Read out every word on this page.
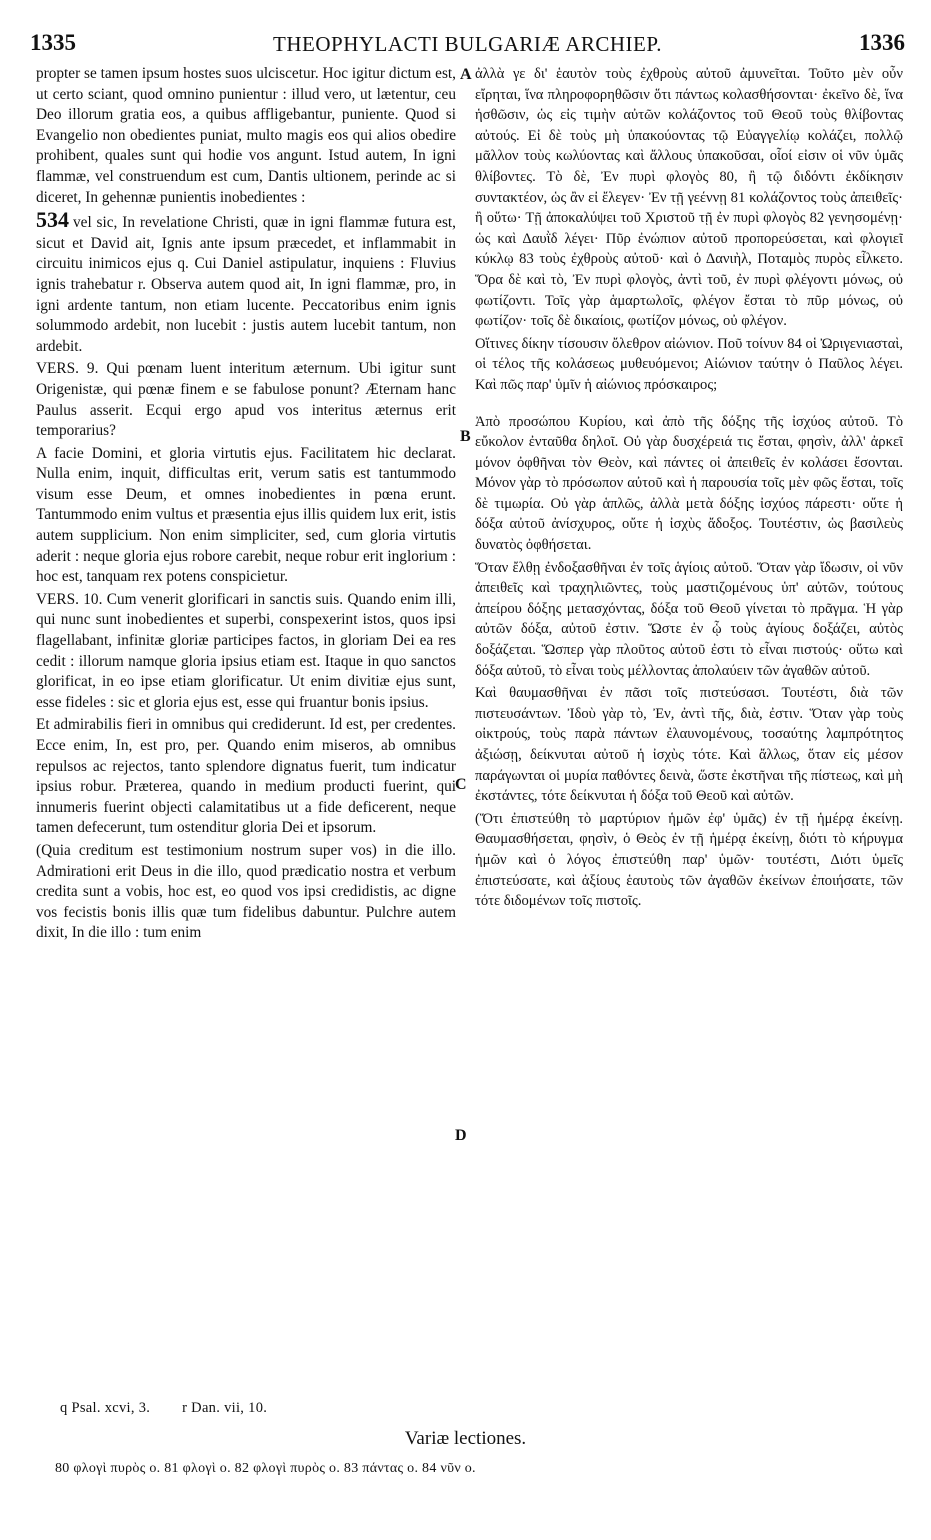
1335	THEOPHYLACTI BULGARIÆ ARCHIEP.	1336

propter se tamen ipsum hostes suos ulciscetur. Hoc igitur dictum est, ut certo sciant, quod omnino punientur : illud vero, ut lætentur, ceu Deo illorum gratia eos, a quibus affligebantur, puniente. Quod si Evangelio non obedientes puniat, multo magis eos qui alios obedire prohibent, quales sunt qui hodie vos angunt. Istud autem, In igni flammæ, vel construendum est cum, Dantis ultionem, perinde ac si diceret, In gehennæ punientis inobedientes :

534 vel sic, In revelatione Christi, quæ in igni flammæ futura est, sicut et David ait, Ignis ante ipsum præcedet, et inflammabit in circuitu inimicos ejus q. Cui Daniel astipulatur, inquiens : Fluvius ignis trahebatur r. Observa autem quod ait, In igni flammæ, pro, in igni ardente tantum, non etiam lucente. Peccatoribus enim ignis solummodo ardebit, non lucebit : justis autem lucebit tantum, non ardebit.

VERS. 9. Qui pœnam luent interitum æternum. Ubi igitur sunt Origenistæ, qui pœnæ finem e se fabulose ponunt? Æternam hanc Paulus asserit. Ecqui ergo apud vos interitus æternus erit temporarius?

A facie Domini, et gloria virtutis ejus. Facilitatem hic declarat. Nulla enim, inquit, difficultas erit, verum satis est tantummodo visum esse Deum, et omnes inobedientes in pœna erunt. Tantummodo enim vultus et præsentia ejus illis quidem lux erit, istis autem supplicium. Non enim simpliciter, sed, cum gloria virtutis aderit : neque gloria ejus robore carebit, neque robur erit inglorium : hoc est, tanquam rex potens conspicietur.

VERS. 10. Cum venerit glorificari in sanctis suis. Quando enim illi, qui nunc sunt inobedientes et superbi, conspexerint istos, quos ipsi flagellabant, infinitæ gloriæ participes factos, in gloriam Dei ea res cedit : illorum namque gloria ipsius etiam est. Itaque in quo sanctos glorificat, in eo ipse etiam glorificatur. Ut enim divitiæ ejus sunt, esse fideles : sic et gloria ejus est, esse qui fruantur bonis ipsius.

Et admirabilis fieri in omnibus qui crediderunt. Id est, per credentes. Ecce enim, In, est pro, per. Quando enim miseros, ab omnibus repulsos ac rejectos, tanto splendore dignatus fuerit, tum indicatur ipsius robur. Præterea, quando in medium producti fuerint, qui innumeris fuerint objecti calamitatibus ut a fide deficerent, neque tamen defecerunt, tum ostenditur gloria Dei et ipsorum.

(Quia creditum est testimonium nostrum super vos) in die illo. Admirationi erit Deus in die illo, quod prædicatio nostra et verbum credita sunt a vobis, hoc est, eo quod vos ipsi credidistis, ac digne vos fecistis bonis illis quæ tum fidelibus dabuntur. Pulchre autem dixit, In die illo : tum enim

A
B
C
D

ἀλλὰ γε δι' ἑαυτὸν τοὺς ἐχθροὺς αὐτοῦ ἀμυνεῖται. Τοῦτο μὲν οὖν εἴρηται, ἵνα πληροφορηθῶσιν ὅτι πάντως κολασθήσονται· ἐκεῖνο δὲ, ἵνα ἡσθῶσιν, ὡς εἰς τιμὴν αὐτῶν κολάζοντος τοῦ Θεοῦ τοὺς θλίβοντας αὐτούς. Εἰ δὲ τοὺς μὴ ὑπακούοντας τῷ Εὐαγγελίῳ κολάζει, πολλῷ μᾶλλον τοὺς κωλύοντας καὶ ἄλλους ὑπακοῦσαι, οἷοί εἰσιν οἱ νῦν ὑμᾶς θλίβοντες. Τὸ δὲ, Ἐν πυρὶ φλογὸς 80, ἢ τῷ διδόντι ἐκδίκησιν συντακτέον, ὡς ἂν εἰ ἔλεγεν· Ἐν τῇ γεέννῃ 81 κολάζοντος τοὺς ἀπειθεῖς· ἢ οὕτω· Τῇ ἀποκαλύψει τοῦ Χριστοῦ τῇ ἐν πυρὶ φλογὸς 82 γενησομένῃ· ὡς καὶ Δαυῒδ λέγει· Πῦρ ἐνώπιον αὐτοῦ προπορεύσεται, καὶ φλογιεῖ κύκλῳ 83 τοὺς ἐχθροὺς αὐτοῦ· καὶ ὁ Δανιὴλ, Ποταμὸς πυρὸς εἷλκετο. Ὅρα δὲ καὶ τὸ, Ἐν πυρὶ φλογὸς, ἀντὶ τοῦ, ἐν πυρὶ φλέγοντι μόνως, οὐ φωτίζοντι. Τοῖς γὰρ ἁμαρτωλοῖς, φλέγον ἔσται τὸ πῦρ μόνως, οὐ φωτίζον· τοῖς δὲ δικαίοις, φωτίζον μόνως, οὐ φλέγον.

Οἵτινες δίκην τίσουσιν ὄλεθρον αἰώνιον. Ποῦ τοίνυν 84 οἱ Ὠριγενιασταὶ, οἱ τέλος τῆς κολάσεως μυθευόμενοι; Αἰώνιον ταύτην ὁ Παῦλος λέγει. Καὶ πῶς παρ' ὑμῖν ἡ αἰώνιος πρόσκαιρος;

Ἀπὸ προσώπου Κυρίου, καὶ ἀπὸ τῆς δόξης τῆς ἰσχύος αὐτοῦ. Τὸ εὔκολον ἐνταῦθα δηλοῖ. Οὐ γὰρ δυσχέρειά τις ἔσται, φησὶν, ἀλλ' ἀρκεῖ μόνον ὀφθῆναι τὸν Θεὸν, καὶ πάντες οἱ ἀπειθεῖς ἐν κολάσει ἔσονται. Μόνον γὰρ τὸ πρόσωπον αὐτοῦ καὶ ἡ παρουσία τοῖς μὲν φῶς ἔσται, τοῖς δὲ τιμωρία. Οὐ γὰρ ἁπλῶς, ἀλλὰ μετὰ δόξης ἰσχύος πάρεστι· οὔτε ἡ δόξα αὐτοῦ ἀνίσχυρος, οὔτε ἡ ἰσχὺς ἄδοξος. Τουτέστιν, ὡς βασιλεὺς δυνατὸς ὀφθήσεται.

Ὅταν ἔλθῃ ἐνδοξασθῆναι ἐν τοῖς ἁγίοις αὐτοῦ. Ὅταν γὰρ ἴδωσιν, οἱ νῦν ἀπειθεῖς καὶ τραχηλιῶντες, τοὺς μαστιζομένους ὑπ' αὐτῶν, τούτους ἀπείρου δόξης μετασχόντας, δόξα τοῦ Θεοῦ γίνεται τὸ πρᾶγμα. Ἡ γὰρ αὐτῶν δόξα, αὐτοῦ ἐστιν. Ὥστε ἐν ᾧ τοὺς ἁγίους δοξάζει, αὐτὸς δοξάζεται. Ὥσπερ γὰρ πλοῦτος αὐτοῦ ἐστι τὸ εἶναι πιστούς· οὕτω καὶ δόξα αὐτοῦ, τὸ εἶναι τοὺς μέλλοντας ἀπολαύειν τῶν ἀγαθῶν αὐτοῦ.

Καὶ θαυμασθῆναι ἐν πᾶσι τοῖς πιστεύσασι. Τουτέστι, διὰ τῶν πιστευσάντων. Ἰδοὺ γὰρ τὸ, Ἐν, ἀντὶ τῆς, διὰ, ἐστιν. Ὅταν γὰρ τοὺς οἰκτρούς, τοὺς παρὰ πάντων ἐλαυνομένους, τοσαύτης λαμπρότητος ἀξιώσῃ, δείκνυται αὐτοῦ ἡ ἰσχὺς τότε. Καὶ ἄλλως, ὅταν εἰς μέσον παράγωνται οἱ μυρία παθόντες δεινὰ, ὥστε ἐκστῆναι τῆς πίστεως, καὶ μὴ ἐκστάντες, τότε δείκνυται ἡ δόξα τοῦ Θεοῦ καὶ αὐτῶν.

(Ὅτι ἐπιστεύθη τὸ μαρτύριον ἡμῶν ἐφ' ὑμᾶς) ἐν τῇ ἡμέρᾳ ἐκείνῃ. Θαυμασθήσεται, φησὶν, ὁ Θεὸς ἐν τῇ ἡμέρᾳ ἐκείνῃ, διότι τὸ κήρυγμα ἡμῶν καὶ ὁ λόγος ἐπιστεύθη παρ' ὑμῶν· τουτέστι, Διότι ὑμεῖς ἐπιστεύσατε, καὶ ἀξίους ἑαυτοὺς τῶν ἀγαθῶν ἐκείνων ἐποιήσατε, τῶν τότε διδομένων τοῖς πιστοῖς.

q Psal. xcvi, 3. r Dan. vii, 10.
Variæ lectiones.
80 φλογὶ πυρὸς ο. 81 φλογὶ ο. 82 φλογὶ πυρὸς ο. 83 πάντας ο. 84 νῦν ο.
